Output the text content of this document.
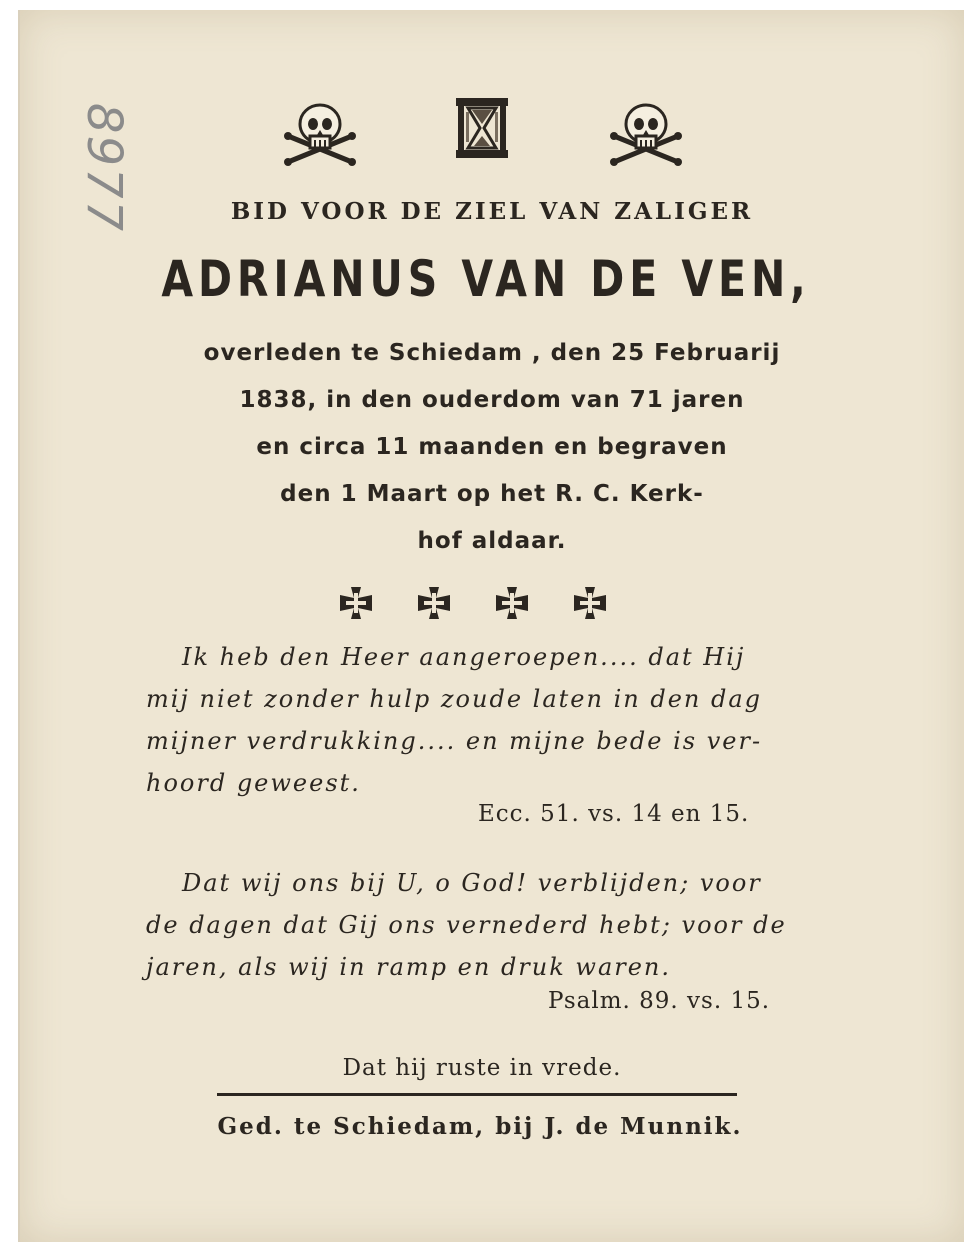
8977	BID VOOR DE ZIEL VAN ZALIGER
ADRIANUS VAN DE VEN,
overleden te Schiedam , den 25 Februarij
1838, in den ouderdom van 71 jaren
en circa 11 maanden en begraven
den 1 Maart op het R. C. Kerk-
hof aldaar.
Ik heb den Heer aangeroepen.... dat Hij
mij niet zonder hulp zoude laten in den dag
mijner verdrukking.... en mijne bede is ver-
hoord geweest.
Ecc. 51. vs. 14 en 15.
Dat wij ons bij U, o God! verblijden; voor
de dagen dat Gij ons vernederd hebt; voor de
jaren, als wij in ramp en druk waren.
Psalm. 89. vs. 15.
Dat hij ruste in vrede.
Ged. te Schiedam, bij J. de Munnik.
